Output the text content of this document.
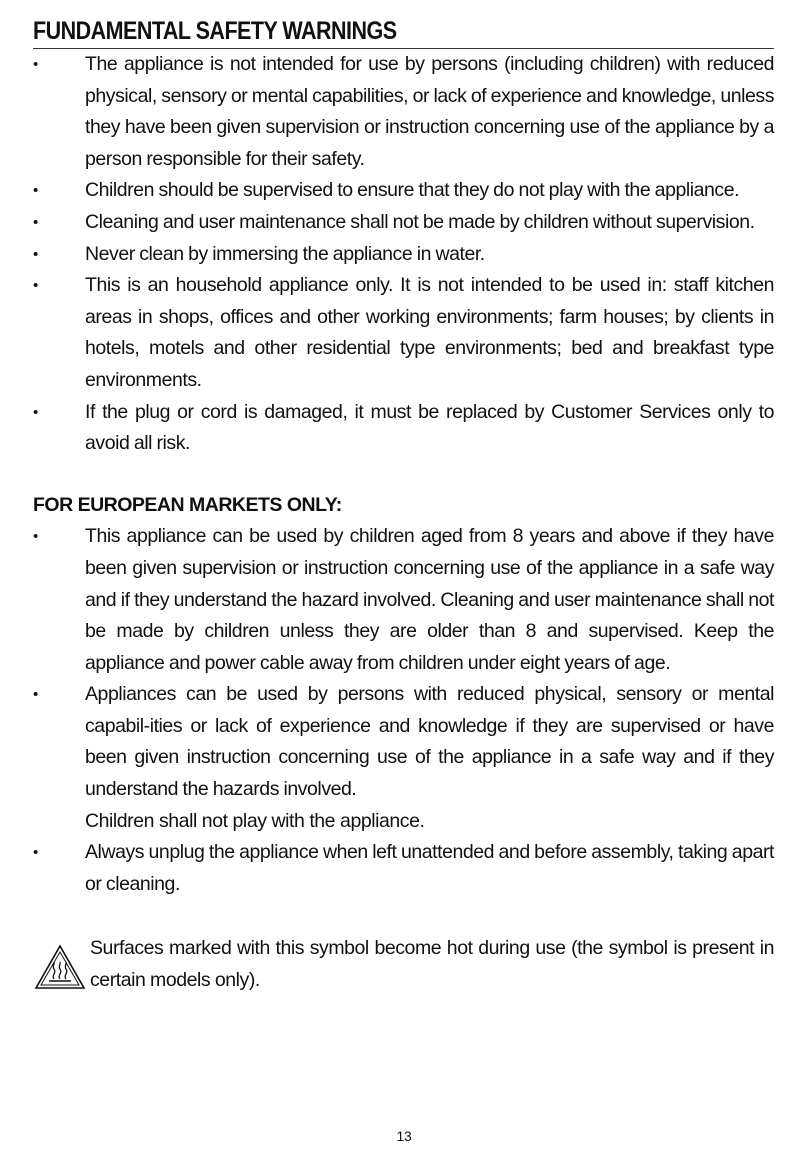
FUNDAMENTAL SAFETY WARNINGS
• The appliance is not intended for use by persons (including children) with reduced physical, sensory or mental capabilities, or lack of experience and knowledge, unless they have been given supervision or instruction concerning use of the appliance by a person responsible for their safety.
• Children should be supervised to ensure that they do not play with the appliance.
• Cleaning and user maintenance shall not be made by children without supervision.
• Never clean by immersing the appliance in water.
• This is an household appliance only. It is not intended to be used in: staff kitchen areas in shops, offices and other working environments; farm houses; by clients in hotels, motels and other residential type environments; bed and breakfast type environments.
• If the plug or cord is damaged, it must be replaced by Customer Services only to avoid all risk.
FOR EUROPEAN MARKETS ONLY:
• This appliance can be used by children aged from 8 years and above if they have been given supervision or instruction concerning use of the appliance in a safe way and if they understand the hazard involved. Cleaning and user maintenance shall not be made by children unless they are older than 8 and supervised. Keep the appliance and power cable away from children under eight years of age.
• Appliances can be used by persons with reduced physical, sensory or mental capabil-ities or lack of experience and knowledge if they are supervised or have been given instruction concerning use of the appliance in a safe way and if they understand the hazards involved.
Children shall not play with the appliance.
• Always unplug the appliance when left unattended and before assembly, taking apart or cleaning.
Surfaces marked with this symbol become hot during use (the symbol is present in certain models only).
13
